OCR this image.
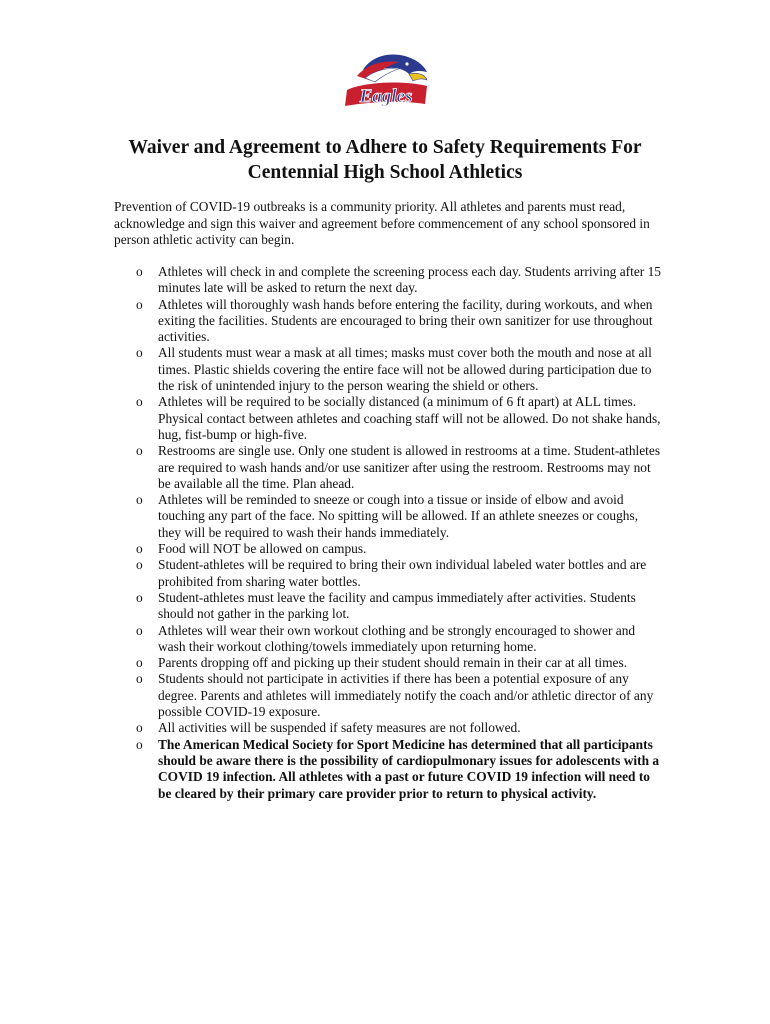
Eagles
Waiver and Agreement to Adhere to Safety Requirements For
Centennial High School Athletics

Prevention of COVID-19 outbreaks is a community priority. All athletes and parents must read, acknowledge and sign this waiver and agreement before commencement of any school sponsored in person athletic activity can begin.

o Athletes will check in and complete the screening process each day. Students arriving after 15 minutes late will be asked to return the next day.
o Athletes will thoroughly wash hands before entering the facility, during workouts, and when exiting the facilities. Students are encouraged to bring their own sanitizer for use throughout activities.
o All students must wear a mask at all times; masks must cover both the mouth and nose at all times. Plastic shields covering the entire face will not be allowed during participation due to the risk of unintended injury to the person wearing the shield or others.
o Athletes will be required to be socially distanced (a minimum of 6 ft apart) at ALL times. Physical contact between athletes and coaching staff will not be allowed. Do not shake hands, hug, fist-bump or high-five.
o Restrooms are single use. Only one student is allowed in restrooms at a time. Student-athletes are required to wash hands and/or use sanitizer after using the restroom. Restrooms may not be available all the time. Plan ahead.
o Athletes will be reminded to sneeze or cough into a tissue or inside of elbow and avoid touching any part of the face. No spitting will be allowed. If an athlete sneezes or coughs, they will be required to wash their hands immediately.
o Food will NOT be allowed on campus.
o Student-athletes will be required to bring their own individual labeled water bottles and are prohibited from sharing water bottles.
o Student-athletes must leave the facility and campus immediately after activities. Students should not gather in the parking lot.
o Athletes will wear their own workout clothing and be strongly encouraged to shower and wash their workout clothing/towels immediately upon returning home.
o Parents dropping off and picking up their student should remain in their car at all times.
o Students should not participate in activities if there has been a potential exposure of any degree. Parents and athletes will immediately notify the coach and/or athletic director of any possible COVID-19 exposure.
o All activities will be suspended if safety measures are not followed.
o The American Medical Society for Sport Medicine has determined that all participants should be aware there is the possibility of cardiopulmonary issues for adolescents with a COVID 19 infection. All athletes with a past or future COVID 19 infection will need to be cleared by their primary care provider prior to return to physical activity.
